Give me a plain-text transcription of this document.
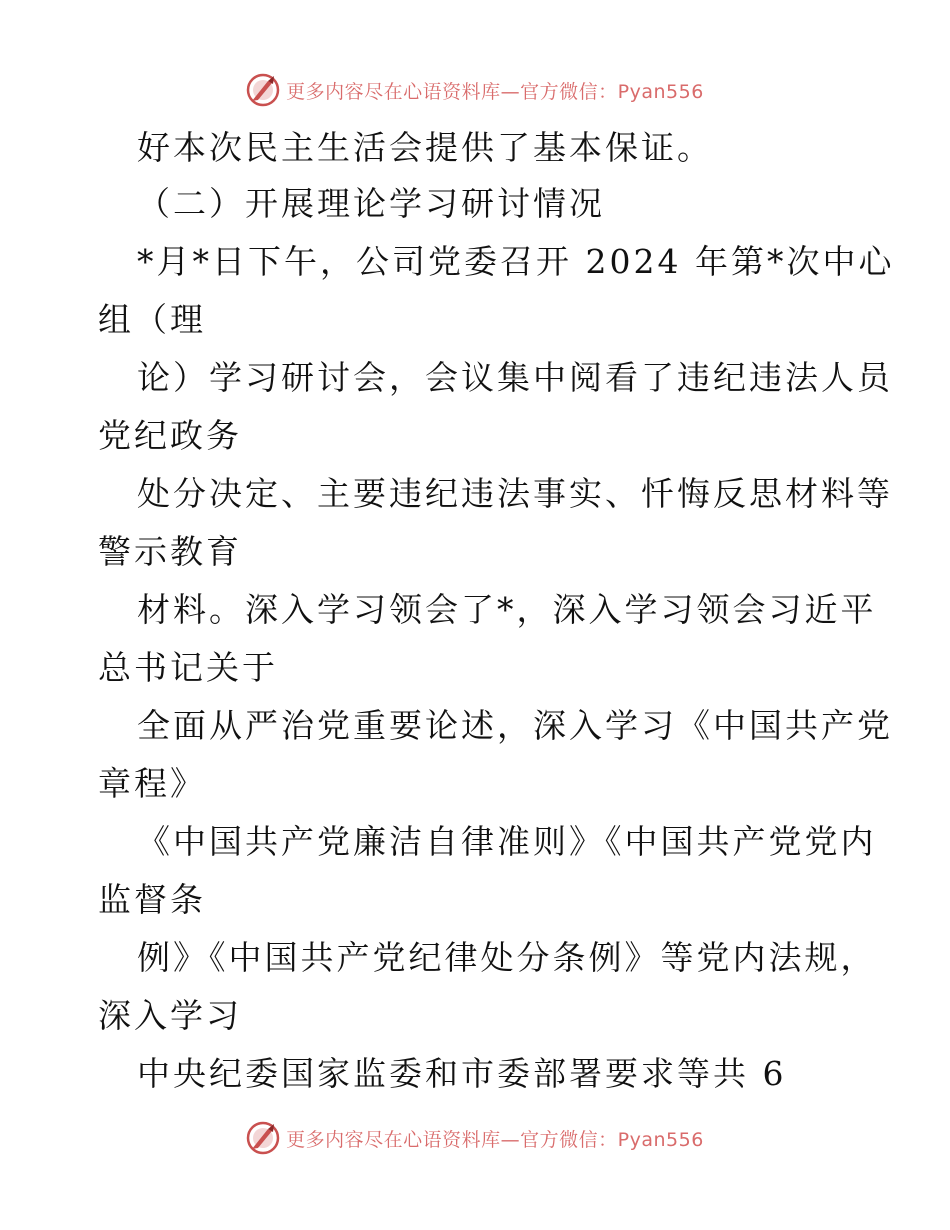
更多内容尽在心语资料库—官方微信：Pyan556
好本次民主生活会提供了基本保证。
（二）开展理论学习研讨情况
*月*日下午，公司党委召开 2024 年第*次中心
组（理
论）学习研讨会，会议集中阅看了违纪违法人员
党纪政务
处分决定、主要违纪违法事实、忏悔反思材料等
警示教育
材料。深入学习领会了*，深入学习领会习近平
总书记关于
全面从严治党重要论述，深入学习《中国共产党
章程》
《中国共产党廉洁自律准则》《中国共产党党内
监督条
例》《中国共产党纪律处分条例》等党内法规，
深入学习
中央纪委国家监委和市委部署要求等共 6
更多内容尽在心语资料库—官方微信：Pyan556
